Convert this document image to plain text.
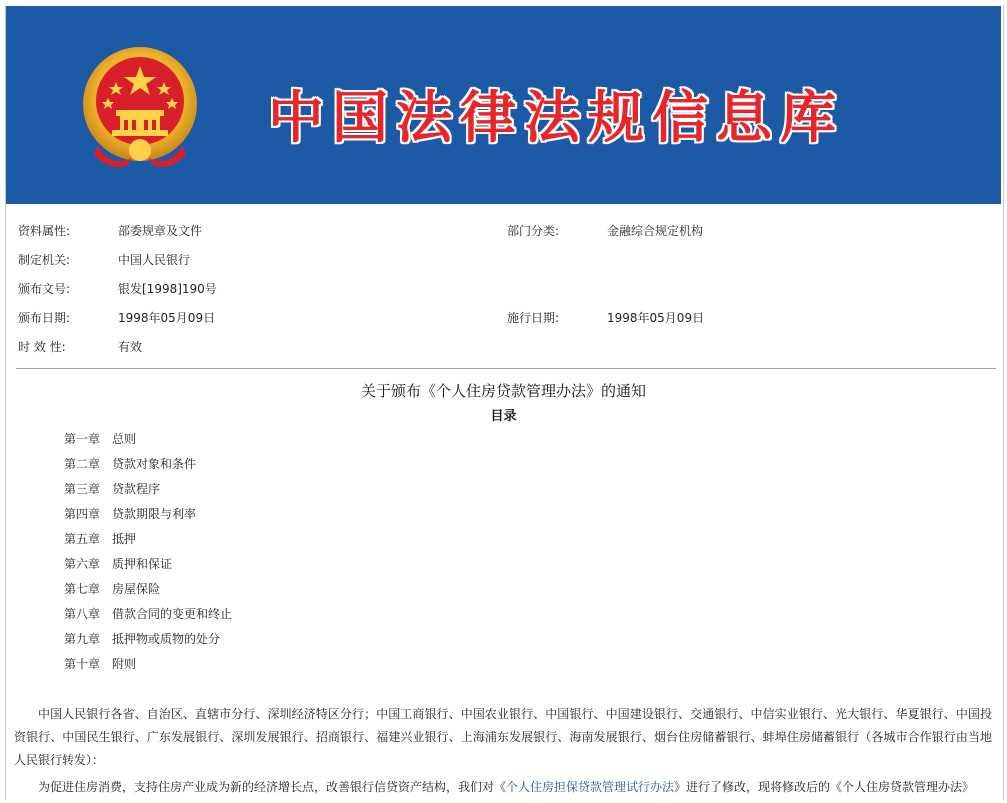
中国法律法规信息库
资料属性:	部委规章及文件	部门分类:	金融综合规定机构
制定机关:	中国人民银行
颁布文号:	银发[1998]190号
颁布日期:	1998年05月09日	施行日期:	1998年05月09日
时 效 性:	有效
关于颁布《个人住房贷款管理办法》的通知
目录
第一章 总则
第二章 贷款对象和条件
第三章 贷款程序
第四章 贷款期限与利率
第五章 抵押
第六章 质押和保证
第七章 房屋保险
第八章 借款合同的变更和终止
第九章 抵押物或质物的处分
第十章 附则

中国人民银行各省、自治区、直辖市分行、深圳经济特区分行；中国工商银行、中国农业银行、中国银行、中国建设银行、交通银行、中信实业银行、光大银行、华夏银行、中国投资银行、中国民生银行、广东发展银行、深圳发展银行、招商银行、福建兴业银行、上海浦东发展银行、海南发展银行、烟台住房储蓄银行、蚌埠住房储蓄银行（各城市合作银行由当地人民银行转发）：

为促进住房消费，支持住房产业成为新的经济增长点，改善银行信贷资产结构，我们对《个人住房担保贷款管理试行办法》进行了修改，现将修改后的《个人住房贷款管理办法》
